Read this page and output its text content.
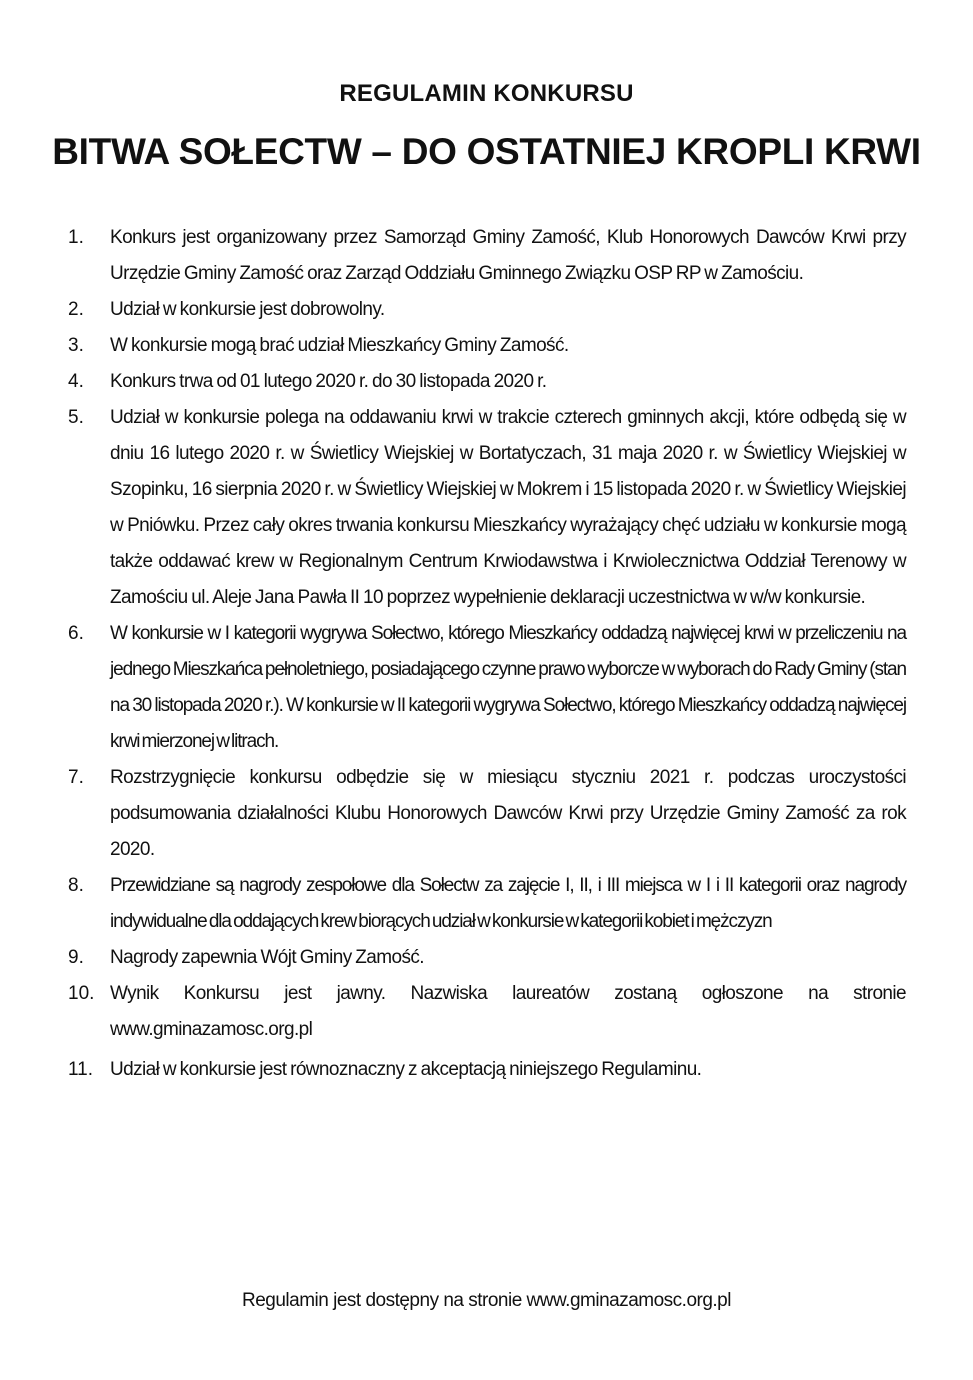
REGULAMIN KONKURSU
BITWA SOŁECTW – DO OSTATNIEJ KROPLI KRWI
1.	Konkurs jest organizowany przez Samorząd Gminy Zamość, Klub Honorowych Dawców Krwi przy Urzędzie Gminy Zamość oraz Zarząd Oddziału Gminnego Związku OSP RP w Zamościu.
2.	Udział w konkursie jest dobrowolny.
3.	W konkursie mogą brać udział Mieszkańcy Gminy Zamość.
4.	Konkurs trwa od 01 lutego 2020 r. do 30 listopada 2020 r.
5.	Udział w konkursie polega na oddawaniu krwi w trakcie czterech gminnych akcji, które odbędą się w dniu 16 lutego 2020 r. w Świetlicy Wiejskiej w Bortatyczach, 31 maja 2020 r. w Świetlicy Wiejskiej w Szopinku, 16 sierpnia 2020 r. w Świetlicy Wiejskiej w Mokrem i 15 listopada 2020 r. w Świetlicy Wiejskiej w Pniówku. Przez cały okres trwania konkursu Mieszkańcy wyrażający chęć udziału w konkursie mogą także oddawać krew w Regionalnym Centrum Krwiodawstwa i Krwiolecznictwa Oddział Terenowy w Zamościu ul. Aleje Jana Pawła II 10 poprzez wypełnienie deklaracji uczestnictwa w w/w konkursie.
6.	W konkursie w I kategorii wygrywa Sołectwo, którego Mieszkańcy oddadzą najwięcej krwi w przeliczeniu na jednego Mieszkańca pełnoletniego, posiadającego czynne prawo wyborcze w wyborach do Rady Gminy (stan na 30 listopada 2020 r.). W konkursie w II kategorii wygrywa Sołectwo, którego Mieszkańcy oddadzą najwięcej krwi mierzonej w litrach.
7.	Rozstrzygnięcie konkursu odbędzie się w miesiącu styczniu 2021 r. podczas uroczystości podsumowania działalności Klubu Honorowych Dawców Krwi przy Urzędzie Gminy Zamość za rok 2020.
8.	Przewidziane są nagrody zespołowe dla Sołectw za zajęcie I, II, i III miejsca w I i II kategorii oraz nagrody indywidualne dla oddających krew biorących udział w konkursie w kategorii kobiet i mężczyzn
9.	Nagrody zapewnia Wójt Gminy Zamość.
10. Wynik Konkursu jest jawny. Nazwiska laureatów zostaną ogłoszone na stronie www.gminazamosc.org.pl
11. Udział w konkursie jest równoznaczny z akceptacją niniejszego Regulaminu.
Regulamin jest dostępny na stronie www.gminazamosc.org.pl
